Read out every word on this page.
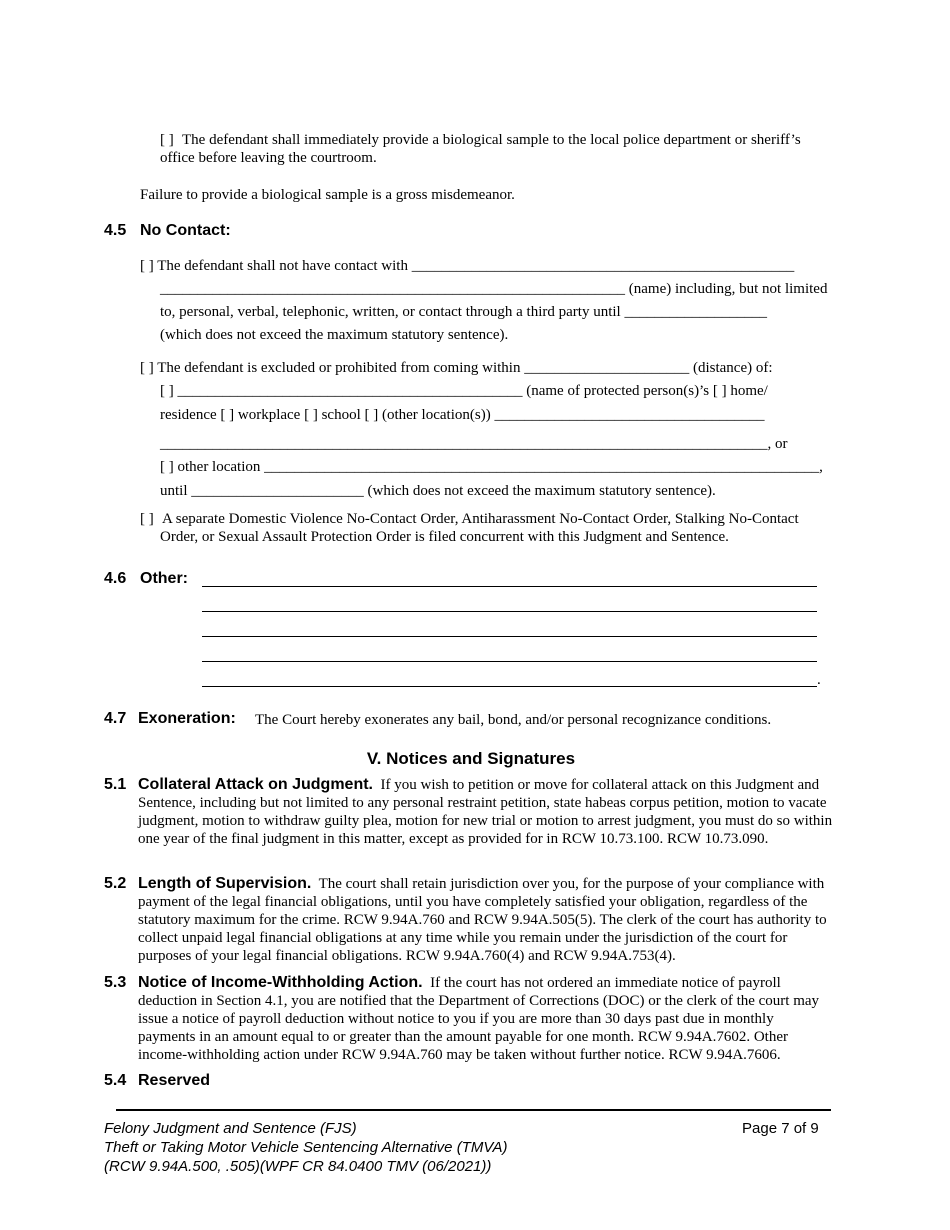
[ ] The defendant shall immediately provide a biological sample to the local police department or sheriff’s office before leaving the courtroom.
Failure to provide a biological sample is a gross misdemeanor.
4.5 No Contact:
[ ] The defendant shall not have contact with ___________________________________________________
______________________________________________________________ (name) including, but not limited
to, personal, verbal, telephonic, written, or contact through a third party until ___________________
(which does not exceed the maximum statutory sentence).
[ ] The defendant is excluded or prohibited from coming within ______________________ (distance) of:
[ ] ______________________________________________ (name of protected person(s)’s [ ] home/
residence [ ] workplace [ ] school [ ] (other location(s)) ____________________________________
_________________________________________________________________________________, or
[ ] other location __________________________________________________________________________,
until _______________________ (which does not exceed the maximum statutory sentence).
[ ] A separate Domestic Violence No-Contact Order, Antiharassment No-Contact Order, Stalking No-Contact Order, or Sexual Assault Protection Order is filed concurrent with this Judgment and Sentence.
4.6 Other:
.
4.7 Exoneration: The Court hereby exonerates any bail, bond, and/or personal recognizance conditions.
V. Notices and Signatures
5.1 Collateral Attack on Judgment. If you wish to petition or move for collateral attack on this Judgment and Sentence, including but not limited to any personal restraint petition, state habeas corpus petition, motion to vacate judgment, motion to withdraw guilty plea, motion for new trial or motion to arrest judgment, you must do so within one year of the final judgment in this matter, except as provided for in RCW 10.73.100. RCW 10.73.090.
5.2 Length of Supervision. The court shall retain jurisdiction over you, for the purpose of your compliance with payment of the legal financial obligations, until you have completely satisfied your obligation, regardless of the statutory maximum for the crime. RCW 9.94A.760 and RCW 9.94A.505(5). The clerk of the court has authority to collect unpaid legal financial obligations at any time while you remain under the jurisdiction of the court for purposes of your legal financial obligations. RCW 9.94A.760(4) and RCW 9.94A.753(4).
5.3 Notice of Income-Withholding Action. If the court has not ordered an immediate notice of payroll deduction in Section 4.1, you are notified that the Department of Corrections (DOC) or the clerk of the court may issue a notice of payroll deduction without notice to you if you are more than 30 days past due in monthly payments in an amount equal to or greater than the amount payable for one month. RCW 9.94A.7602. Other income-withholding action under RCW 9.94A.760 may be taken without further notice. RCW 9.94A.7606.
5.4 Reserved
Felony Judgment and Sentence (FJS)
Theft or Taking Motor Vehicle Sentencing Alternative (TMVA)
(RCW 9.94A.500, .505)(WPF CR 84.0400 TMV (06/2021))
Page 7 of 9
